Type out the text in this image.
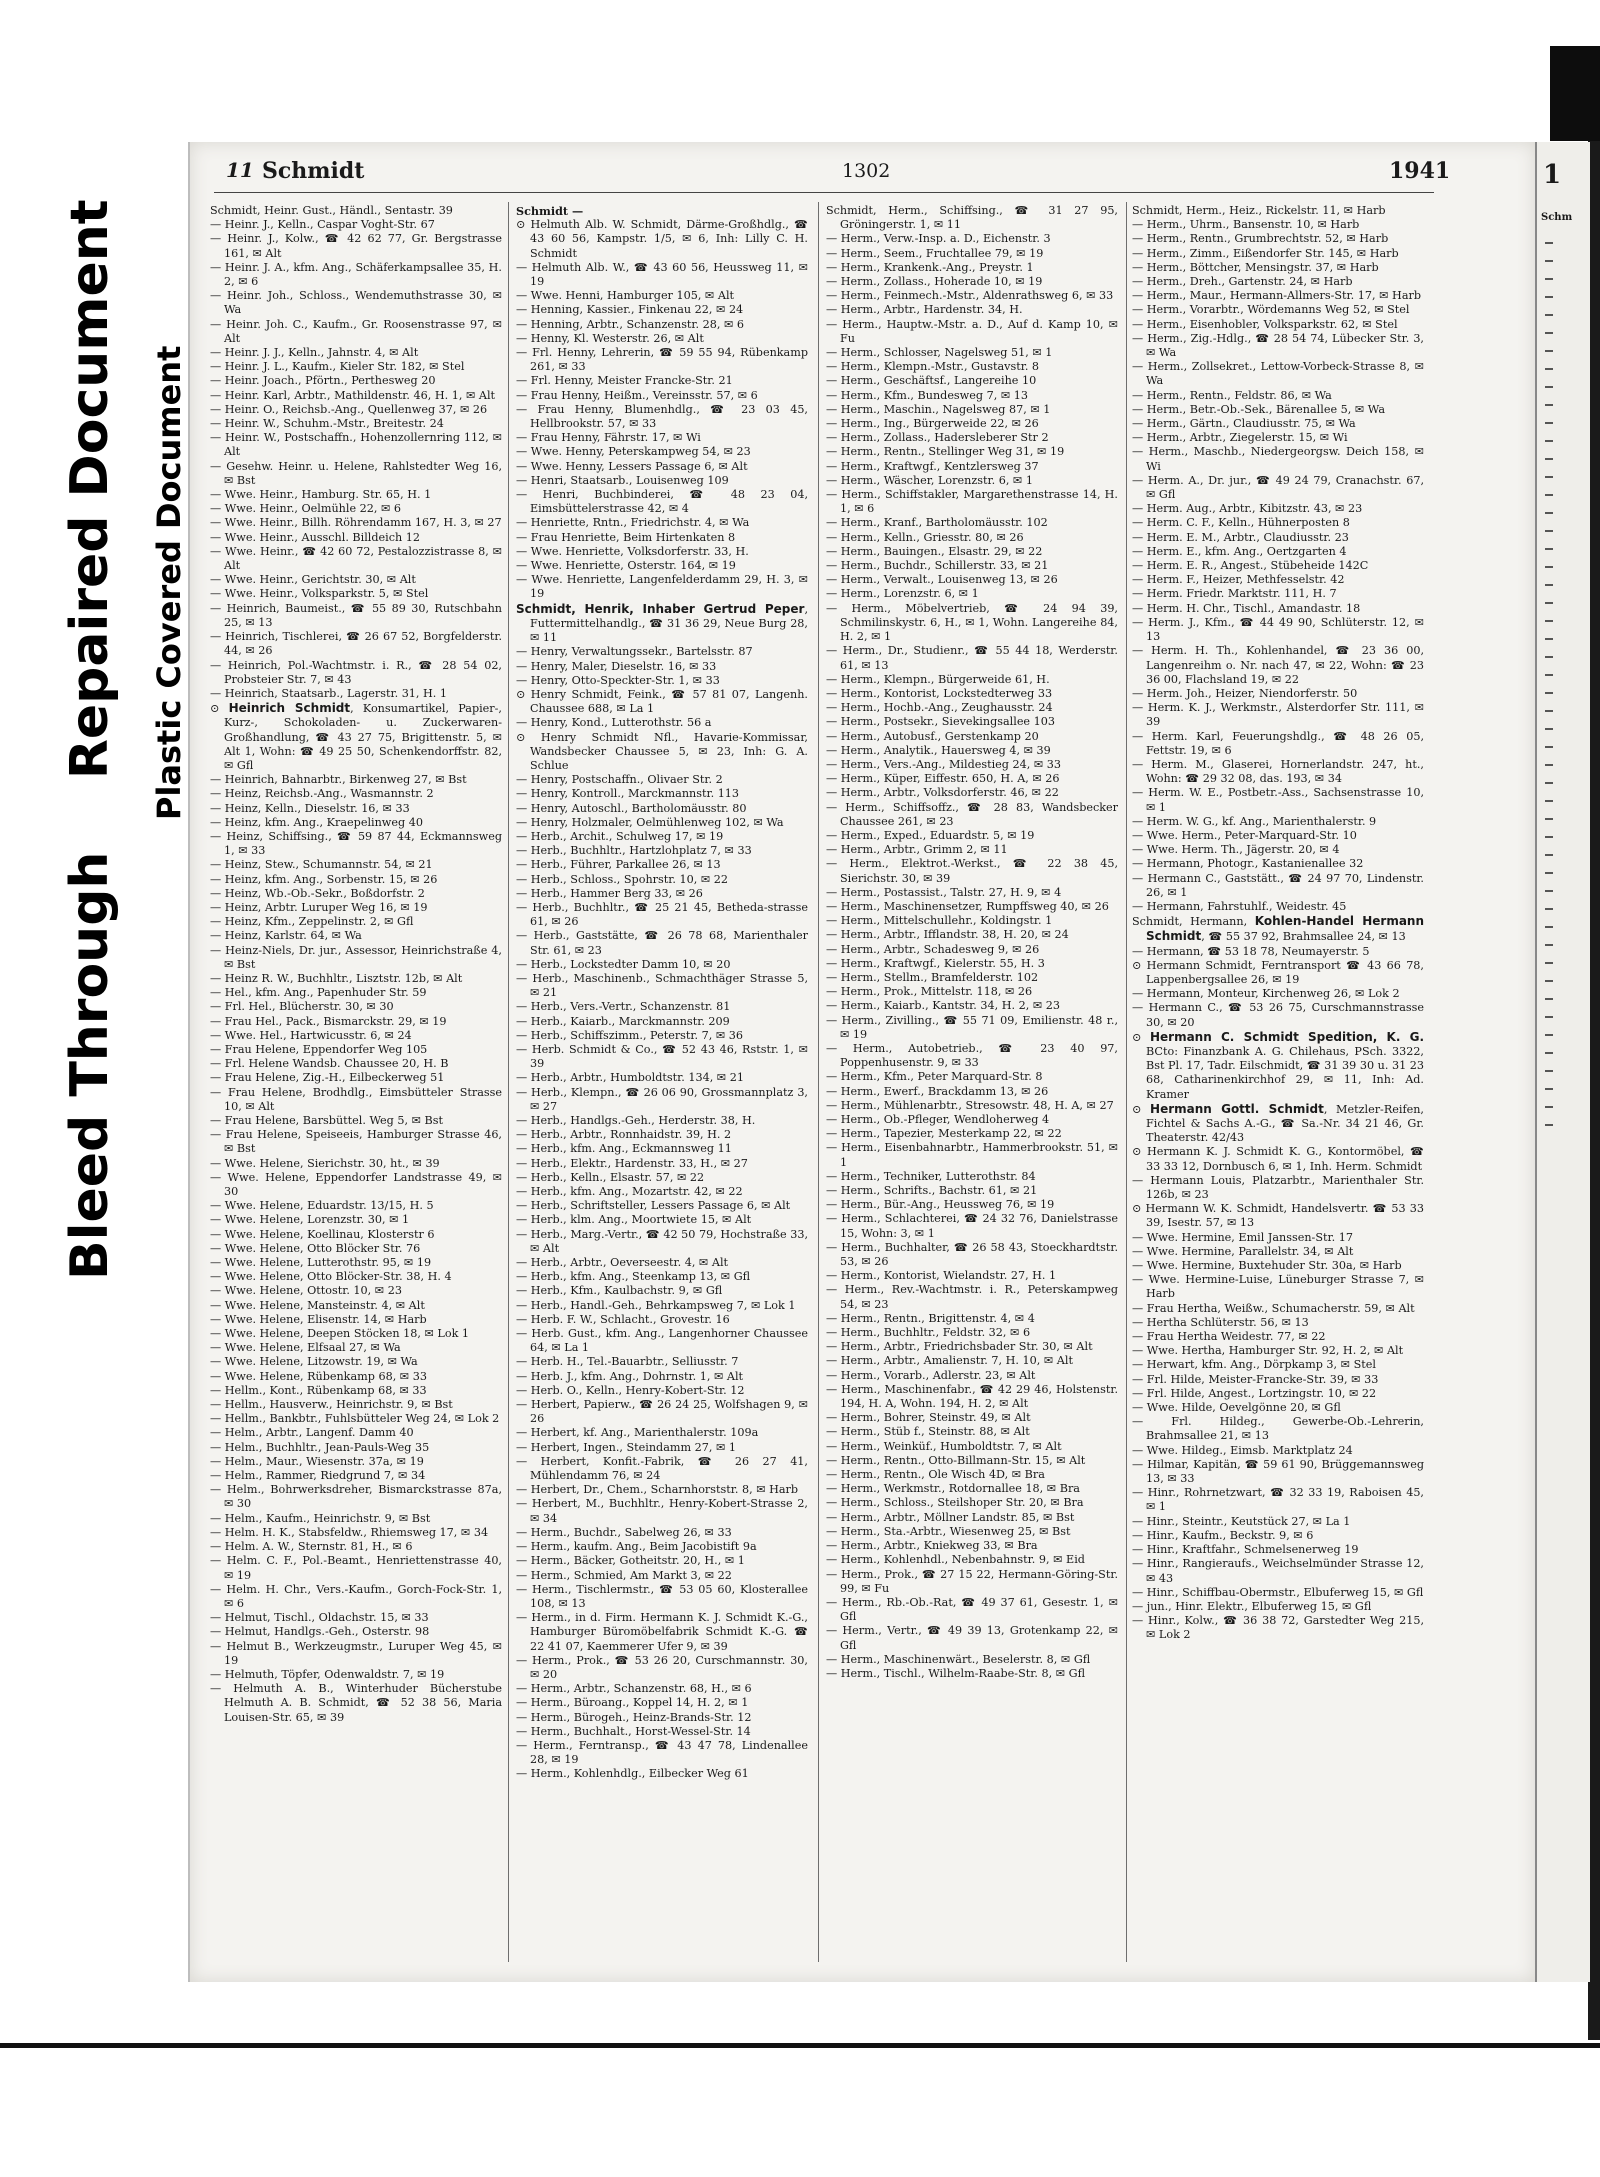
Bleed Through    Repaired Document Plastic Covered Document
11 Schmidt	1302	1941

Schmidt, Heinr. Gust., Händl., Sentastr. 39

— Heinr. J., Kelln., Caspar Voght-Str. 67

— Heinr. J., Kolw., ☎ 42 62 77, Gr. Bergstrasse 161, ✉ Alt

— Heinr. J. A., kfm. Ang., Schäferkampsallee 35, H. 2, ✉ 6

— Heinr. Joh., Schloss., Wendemuthstrasse 30, ✉ Wa

— Heinr. Joh. C., Kaufm., Gr. Roosenstrasse 97, ✉ Alt

— Heinr. J. J., Kelln., Jahnstr. 4, ✉ Alt

— Heinr. J. L., Kaufm., Kieler Str. 182, ✉ Stel

— Heinr. Joach., Pförtn., Perthesweg 20

— Heinr. Karl, Arbtr., Mathildenstr. 46, H. 1, ✉ Alt

— Heinr. O., Reichsb.-Ang., Quellenweg 37, ✉ 26

— Heinr. W., Schuhm.-Mstr., Breitestr. 24

— Heinr. W., Postschaffn., Hohenzollernring 112, ✉ Alt

— Gesehw. Heinr. u. Helene, Rahlstedter Weg 16, ✉ Bst

— Wwe. Heinr., Hamburg. Str. 65, H. 1

— Wwe. Heinr., Oelmühle 22, ✉ 6

— Wwe. Heinr., Billh. Röhrendamm 167, H. 3, ✉ 27

— Wwe. Heinr., Ausschl. Billdeich 12

— Wwe. Heinr., ☎ 42 60 72, Pestalozzistrasse 8, ✉ Alt

— Wwe. Heinr., Gerichtstr. 30, ✉ Alt

— Wwe. Heinr., Volksparkstr. 5, ✉ Stel

— Heinrich, Baumeist., ☎ 55 89 30, Rutschbahn 25, ✉ 13

— Heinrich, Tischlerei, ☎ 26 67 52, Borgfelderstr. 44, ✉ 26

— Heinrich, Pol.-Wachtmstr. i. R., ☎ 28 54 02, Probsteier Str. 7, ✉ 43

— Heinrich, Staatsarb., Lagerstr. 31, H. 1

⊙ Heinrich Schmidt, Konsumartikel, Papier-, Kurz-, Schokoladen- u. Zuckerwaren-Großhandlung, ☎ 43 27 75, Brigittenstr. 5, ✉ Alt 1, Wohn: ☎ 49 25 50, Schenkendorffstr. 82, ✉ Gfl

— Heinrich, Bahnarbtr., Birkenweg 27, ✉ Bst

— Heinz, Reichsb.-Ang., Wasmannstr. 2

— Heinz, Kelln., Dieselstr. 16, ✉ 33

— Heinz, kfm. Ang., Kraepelinweg 40

— Heinz, Schiffsing., ☎ 59 87 44, Eckmannsweg 1, ✉ 33

— Heinz, Stew., Schumannstr. 54, ✉ 21

— Heinz, kfm. Ang., Sorbenstr. 15, ✉ 26

— Heinz, Wb.-Ob.-Sekr., Boßdorfstr. 2

— Heinz, Arbtr. Luruper Weg 16, ✉ 19

— Heinz, Kfm., Zeppelinstr. 2, ✉ Gfl

— Heinz, Karlstr. 64, ✉ Wa

— Heinz-Niels, Dr. jur., Assessor, Heinrichstraße 4, ✉ Bst

— Heinz R. W., Buchhltr., Lisztstr. 12b, ✉ Alt

— Hel., kfm. Ang., Papenhuder Str. 59

— Frl. Hel., Blücherstr. 30, ✉ 30

— Frau Hel., Pack., Bismarckstr. 29, ✉ 19

— Wwe. Hel., Hartwicusstr. 6, ✉ 24

— Frau Helene, Eppendorfer Weg 105

— Frl. Helene Wandsb. Chaussee 20, H. B

— Frau Helene, Zig.-H., Eilbeckerweg 51

— Frau Helene, Brodhdlg., Eimsbütteler Strasse 10, ✉ Alt

— Frau Helene, Barsbüttel. Weg 5, ✉ Bst

— Frau Helene, Speiseeis, Hamburger Strasse 46, ✉ Bst

— Wwe. Helene, Sierichstr. 30, ht., ✉ 39

— Wwe. Helene, Eppendorfer Landstrasse 49, ✉ 30

— Wwe. Helene, Eduardstr. 13/15, H. 5

— Wwe. Helene, Lorenzstr. 30, ✉ 1

— Wwe. Helene, Koellinau, Klosterstr 6

— Wwe. Helene, Otto Blöcker Str. 76

— Wwe. Helene, Lutterothstr. 95, ✉ 19

— Wwe. Helene, Otto Blöcker-Str. 38, H. 4

— Wwe. Helene, Ottostr. 10, ✉ 23

— Wwe. Helene, Mansteinstr. 4, ✉ Alt

— Wwe. Helene, Elisenstr. 14, ✉ Harb

— Wwe. Helene, Deepen Stöcken 18, ✉ Lok 1

— Wwe. Helene, Elfsaal 27, ✉ Wa

— Wwe. Helene, Litzowstr. 19, ✉ Wa

— Wwe. Helene, Rübenkamp 68, ✉ 33

— Hellm., Kont., Rübenkamp 68, ✉ 33

— Hellm., Hausverw., Heinrichstr. 9, ✉ Bst

— Hellm., Bankbtr., Fuhlsbütteler Weg 24, ✉ Lok 2

— Helm., Arbtr., Langenf. Damm 40

— Helm., Buchhltr., Jean-Pauls-Weg 35

— Helm., Maur., Wiesenstr. 37a, ✉ 19

— Helm., Rammer, Riedgrund 7, ✉ 34

— Helm., Bohrwerksdreher, Bismarckstrasse 87a, ✉ 30

— Helm., Kaufm., Heinrichstr. 9, ✉ Bst

— Helm. H. K., Stabsfeldw., Rhiemsweg 17, ✉ 34

— Helm. A. W., Sternstr. 81, H., ✉ 6

— Helm. C. F., Pol.-Beamt., Henriettenstrasse 40, ✉ 19

— Helm. H. Chr., Vers.-Kaufm., Gorch-Fock-Str. 1, ✉ 6

— Helmut, Tischl., Oldachstr. 15, ✉ 33

— Helmut, Handlgs.-Geh., Osterstr. 98

— Helmut B., Werkzeugmstr., Luruper Weg 45, ✉ 19

— Helmuth, Töpfer, Odenwaldstr. 7, ✉ 19

— Helmuth A. B., Winterhuder Bücherstube Helmuth A. B. Schmidt, ☎ 52 38 56, Maria Louisen-Str. 65, ✉ 39

Schmidt —

⊙ Helmuth Alb. W. Schmidt, Därme-Großhdlg., ☎ 43 60 56, Kampstr. 1/5, ✉ 6, Inh: Lilly C. H. Schmidt

— Helmuth Alb. W., ☎ 43 60 56, Heussweg 11, ✉ 19

— Wwe. Henni, Hamburger 105, ✉ Alt

— Henning, Kassier., Finkenau 22, ✉ 24

— Henning, Arbtr., Schanzenstr. 28, ✉ 6

— Henny, Kl. Westerstr. 26, ✉ Alt

— Frl. Henny, Lehrerin, ☎ 59 55 94, Rübenkamp 261, ✉ 33

— Frl. Henny, Meister Francke-Str. 21

— Frau Henny, Heißm., Vereinsstr. 57, ✉ 6

— Frau Henny, Blumenhdlg., ☎ 23 03 45, Hellbrookstr. 57, ✉ 33

— Frau Henny, Fährstr. 17, ✉ Wi

— Wwe. Henny, Peterskampweg 54, ✉ 23

— Wwe. Henny, Lessers Passage 6, ✉ Alt

— Henri, Staatsarb., Louisenweg 109

— Henri, Buchbinderei, ☎ 48 23 04, Eimsbüttelerstrasse 42, ✉ 4

— Henriette, Rntn., Friedrichstr. 4, ✉ Wa

— Frau Henriette, Beim Hirtenkaten 8

— Wwe. Henriette, Volksdorferstr. 33, H.

— Wwe. Henriette, Osterstr. 164, ✉ 19

— Wwe. Henriette, Langenfelderdamm 29, H. 3, ✉ 19

Schmidt, Henrik, Inhaber Gertrud Peper, Futtermittelhandlg., ☎ 31 36 29, Neue Burg 28, ✉ 11

— Henry, Verwaltungssekr., Bartelsstr. 87

— Henry, Maler, Dieselstr. 16, ✉ 33

— Henry, Otto-Speckter-Str. 1, ✉ 33

⊙ Henry Schmidt, Feink., ☎ 57 81 07, Langenh. Chaussee 688, ✉ La 1

— Henry, Kond., Lutterothstr. 56 a

⊙ Henry Schmidt Nfl., Havarie-Kommissar, Wandsbecker Chaussee 5, ✉ 23, Inh: G. A. Schlue

— Henry, Postschaffn., Olivaer Str. 2

— Henry, Kontroll., Marckmannstr. 113

— Henry, Autoschl., Bartholomäusstr. 80

— Henry, Holzmaler, Oelmühlenweg 102, ✉ Wa

— Herb., Archit., Schulweg 17, ✉ 19

— Herb., Buchhltr., Hartzlohplatz 7, ✉ 33

— Herb., Führer, Parkallee 26, ✉ 13

— Herb., Schloss., Spohrstr. 10, ✉ 22

— Herb., Hammer Berg 33, ✉ 26

— Herb., Buchhltr., ☎ 25 21 45, Betheda-strasse 61, ✉ 26

— Herb., Gaststätte, ☎ 26 78 68, Marienthaler Str. 61, ✉ 23

— Herb., Lockstedter Damm 10, ✉ 20

— Herb., Maschinenb., Schmachthäger Strasse 5, ✉ 21

— Herb., Vers.-Vertr., Schanzenstr. 81

— Herb., Kaiarb., Marckmannstr. 209

— Herb., Schiffszimm., Peterstr. 7, ✉ 36

— Herb. Schmidt & Co., ☎ 52 43 46, Rststr. 1, ✉ 39

— Herb., Arbtr., Humboldtstr. 134, ✉ 21

— Herb., Klempn., ☎ 26 06 90, Grossmannplatz 3, ✉ 27

— Herb., Handlgs.-Geh., Herderstr. 38, H.

— Herb., Arbtr., Ronnhaidstr. 39, H. 2

— Herb., kfm. Ang., Eckmannsweg 11

— Herb., Elektr., Hardenstr. 33, H., ✉ 27

— Herb., Kelln., Elsastr. 57, ✉ 22

— Herb., kfm. Ang., Mozartstr. 42, ✉ 22

— Herb., Schriftsteller, Lessers Passage 6, ✉ Alt

— Herb., klm. Ang., Moortwiete 15, ✉ Alt

— Herb., Marg.-Vertr., ☎ 42 50 79, Hochstraße 33, ✉ Alt

— Herb., Arbtr., Oeverseestr. 4, ✉ Alt

— Herb., kfm. Ang., Steenkamp 13, ✉ Gfl

— Herb., Kfm., Kaulbachstr. 9, ✉ Gfl

— Herb., Handl.-Geh., Behrkampsweg 7, ✉ Lok 1

— Herb. F. W., Schlacht., Grovestr. 16

— Herb. Gust., kfm. Ang., Langenhorner Chaussee 64, ✉ La 1

— Herb. H., Tel.-Bauarbtr., Selliusstr. 7

— Herb. J., kfm. Ang., Dohrnstr. 1, ✉ Alt

— Herb. O., Kelln., Henry-Kobert-Str. 12

— Herbert, Papierw., ☎ 26 24 25, Wolfshagen 9, ✉ 26

— Herbert, kf. Ang., Marienthalerstr. 109a

— Herbert, Ingen., Steindamm 27, ✉ 1

— Herbert, Konfit.-Fabrik, ☎ 26 27 41, Mühlendamm 76, ✉ 24

— Herbert, Dr., Chem., Scharnhorststr. 8, ✉ Harb

— Herbert, M., Buchhltr., Henry-Kobert-Strasse 2, ✉ 34

— Herm., Buchdr., Sabelweg 26, ✉ 33

— Herm., kaufm. Ang., Beim Jacobistift 9a

— Herm., Bäcker, Gotheitstr. 20, H., ✉ 1

— Herm., Schmied, Am Markt 3, ✉ 22

— Herm., Tischlermstr., ☎ 53 05 60, Klosterallee 108, ✉ 13

— Herm., in d. Firm. Hermann K. J. Schmidt K.-G., Hamburger Büromöbelfabrik Schmidt K.-G. ☎ 22 41 07, Kaemmerer Ufer 9, ✉ 39

— Herm., Prok., ☎ 53 26 20, Curschmannstr. 30, ✉ 20

— Herm., Arbtr., Schanzenstr. 68, H., ✉ 6

— Herm., Büroang., Koppel 14, H. 2, ✉ 1

— Herm., Bürogeh., Heinz-Brands-Str. 12

— Herm., Buchhalt., Horst-Wessel-Str. 14

— Herm., Ferntransp., ☎ 43 47 78, Lindenallee 28, ✉ 19

— Herm., Kohlenhdlg., Eilbecker Weg 61

Schmidt, Herm., Schiffsing., ☎ 31 27 95, Gröningerstr. 1, ✉ 11

— Herm., Verw.-Insp. a. D., Eichenstr. 3

— Herm., Seem., Fruchtallee 79, ✉ 19

— Herm., Krankenk.-Ang., Preystr. 1

— Herm., Zollass., Hoherade 10, ✉ 19

— Herm., Feinmech.-Mstr., Aldenrathsweg 6, ✉ 33

— Herm., Arbtr., Hardenstr. 34, H.

— Herm., Hauptw.-Mstr. a. D., Auf d. Kamp 10, ✉ Fu

— Herm., Schlosser, Nagelsweg 51, ✉ 1

— Herm., Klempn.-Mstr., Gustavstr. 8

— Herm., Geschäftsf., Langereihe 10

— Herm., Kfm., Bundesweg 7, ✉ 13

— Herm., Maschin., Nagelsweg 87, ✉ 1

— Herm., Ing., Bürgerweide 22, ✉ 26

— Herm., Zollass., Hadersleberer Str 2

— Herm., Rentn., Stellinger Weg 31, ✉ 19

— Herm., Kraftwgf., Kentzlersweg 37

— Herm., Wäscher, Lorenzstr. 6, ✉ 1

— Herm., Schiffstakler, Margarethenstrasse 14, H. 1, ✉ 6

— Herm., Kranf., Bartholomäusstr. 102

— Herm., Kelln., Griesstr. 80, ✉ 26

— Herm., Bauingen., Elsastr. 29, ✉ 22

— Herm., Buchdr., Schillerstr. 33, ✉ 21

— Herm., Verwalt., Louisenweg 13, ✉ 26

— Herm., Lorenzstr. 6, ✉ 1

— Herm., Möbelvertrieb, ☎ 24 94 39, Schmilinskystr. 6, H., ✉ 1, Wohn. Langereihe 84, H. 2, ✉ 1

— Herm., Dr., Studienr., ☎ 55 44 18, Werderstr. 61, ✉ 13

— Herm., Klempn., Bürgerweide 61, H.

— Herm., Kontorist, Lockstedterweg 33

— Herm., Hochb.-Ang., Zeughausstr. 24

— Herm., Postsekr., Sievekingsallee 103

— Herm., Autobusf., Gerstenkamp 20

— Herm., Analytik., Hauersweg 4, ✉ 39

— Herm., Vers.-Ang., Mildestieg 24, ✉ 33

— Herm., Küper, Eiffestr. 650, H. A, ✉ 26

— Herm., Arbtr., Volksdorferstr. 46, ✉ 22

— Herm., Schiffsoffz., ☎ 28 83, Wandsbecker Chaussee 261, ✉ 23

— Herm., Exped., Eduardstr. 5, ✉ 19

— Herm., Arbtr., Grimm 2, ✉ 11

— Herm., Elektrot.-Werkst., ☎ 22 38 45, Sierichstr. 30, ✉ 39

— Herm., Postassist., Talstr. 27, H. 9, ✉ 4

— Herm., Maschinensetzer, Rumpffsweg 40, ✉ 26

— Herm., Mittelschullehr., Koldingstr. 1

— Herm., Arbtr., Ifflandstr. 38, H. 20, ✉ 24

— Herm., Arbtr., Schadesweg 9, ✉ 26

— Herm., Kraftwgf., Kielerstr. 55, H. 3

— Herm., Stellm., Bramfelderstr. 102

— Herm., Prok., Mittelstr. 118, ✉ 26

— Herm., Kaiarb., Kantstr. 34, H. 2, ✉ 23

— Herm., Zivilling., ☎ 55 71 09, Emilienstr. 48 r., ✉ 19

— Herm., Autobetrieb., ☎ 23 40 97, Poppenhusenstr. 9, ✉ 33

— Herm., Kfm., Peter Marquard-Str. 8

— Herm., Ewerf., Brackdamm 13, ✉ 26

— Herm., Mühlenarbtr., Stresowstr. 48, H. A, ✉ 27

— Herm., Ob.-Pfleger, Wendloherweg 4

— Herm., Tapezier, Mesterkamp 22, ✉ 22

— Herm., Eisenbahnarbtr., Hammerbrookstr. 51, ✉ 1

— Herm., Techniker, Lutterothstr. 84

— Herm., Schrifts., Bachstr. 61, ✉ 21

— Herm., Bür.-Ang., Heussweg 76, ✉ 19

— Herm., Schlachterei, ☎ 24 32 76, Danielstrasse 15, Wohn: 3, ✉ 1

— Herm., Buchhalter, ☎ 26 58 43, Stoeckhardtstr. 53, ✉ 26

— Herm., Kontorist, Wielandstr. 27, H. 1

— Herm., Rev.-Wachtmstr. i. R., Peterskampweg 54, ✉ 23

— Herm., Rentn., Brigittenstr. 4, ✉ 4

— Herm., Buchhltr., Feldstr. 32, ✉ 6

— Herm., Arbtr., Friedrichsbader Str. 30, ✉ Alt

— Herm., Arbtr., Amalienstr. 7, H. 10, ✉ Alt

— Herm., Vorarb., Adlerstr. 23, ✉ Alt

— Herm., Maschinenfabr., ☎ 42 29 46, Holstenstr. 194, H. A, Wohn. 194, H. 2, ✉ Alt

— Herm., Bohrer, Steinstr. 49, ✉ Alt

— Herm., Stüb f., Steinstr. 88, ✉ Alt

— Herm., Weinküf., Humboldtstr. 7, ✉ Alt

— Herm., Rentn., Otto-Billmann-Str. 15, ✉ Alt

— Herm., Rentn., Ole Wisch 4D, ✉ Bra

— Herm., Werkmstr., Rotdornallee 18, ✉ Bra

— Herm., Schloss., Steilshoper Str. 20, ✉ Bra

— Herm., Arbtr., Möllner Landstr. 85, ✉ Bst

— Herm., Sta.-Arbtr., Wiesenweg 25, ✉ Bst

— Herm., Arbtr., Kniekweg 33, ✉ Bra

— Herm., Kohlenhdl., Nebenbahnstr. 9, ✉ Eid

— Herm., Prok., ☎ 27 15 22, Hermann-Göring-Str. 99, ✉ Fu

— Herm., Rb.-Ob.-Rat, ☎ 49 37 61, Gesestr. 1, ✉ Gfl

— Herm., Vertr., ☎ 49 39 13, Grotenkamp 22, ✉ Gfl

— Herm., Maschinenwärt., Beselerstr. 8, ✉ Gfl

— Herm., Tischl., Wilhelm-Raabe-Str. 8, ✉ Gfl

Schmidt, Herm., Heiz., Rickelstr. 11, ✉ Harb

— Herm., Uhrm., Bansenstr. 10, ✉ Harb

— Herm., Rentn., Grumbrechtstr. 52, ✉ Harb

— Herm., Zimm., Eißendorfer Str. 145, ✉ Harb

— Herm., Böttcher, Mensingstr. 37, ✉ Harb

— Herm., Dreh., Gartenstr. 24, ✉ Harb

— Herm., Maur., Hermann-Allmers-Str. 17, ✉ Harb

— Herm., Vorarbtr., Wördemanns Weg 52, ✉ Stel

— Herm., Eisenhobler, Volksparkstr. 62, ✉ Stel

— Herm., Zig.-Hdlg., ☎ 28 54 74, Lübecker Str. 3, ✉ Wa

— Herm., Zollsekret., Lettow-Vorbeck-Strasse 8, ✉ Wa

— Herm., Rentn., Feldstr. 86, ✉ Wa

— Herm., Betr.-Ob.-Sek., Bärenallee 5, ✉ Wa

— Herm., Gärtn., Claudiusstr. 75, ✉ Wa

— Herm., Arbtr., Ziegelerstr. 15, ✉ Wi

— Herm., Maschb., Niedergeorgsw. Deich 158, ✉ Wi

— Herm. A., Dr. jur., ☎ 49 24 79, Cranachstr. 67, ✉ Gfl

— Herm. Aug., Arbtr., Kibitzstr. 43, ✉ 23

— Herm. C. F., Kelln., Hühnerposten 8

— Herm. E. M., Arbtr., Claudiusstr. 23

— Herm. E., kfm. Ang., Oertzgarten 4

— Herm. E. R., Angest., Stübeheide 142C

— Herm. F., Heizer, Methfesselstr. 42

— Herm. Friedr. Marktstr. 111, H. 7

— Herm. H. Chr., Tischl., Amandastr. 18

— Herm. J., Kfm., ☎ 44 49 90, Schlüterstr. 12, ✉ 13

— Herm. H. Th., Kohlenhandel, ☎ 23 36 00, Langenreihm o. Nr. nach 47, ✉ 22, Wohn: ☎ 23 36 00, Flachsland 19, ✉ 22

— Herm. Joh., Heizer, Niendorferstr. 50

— Herm. K. J., Werkmstr., Alsterdorfer Str. 111, ✉ 39

— Herm. Karl, Feuerungshdlg., ☎ 48 26 05, Fettstr. 19, ✉ 6

— Herm. M., Glaserei, Hornerlandstr. 247, ht., Wohn: ☎ 29 32 08, das. 193, ✉ 34

— Herm. W. E., Postbetr.-Ass., Sachsenstrasse 10, ✉ 1

— Herm. W. G., kf. Ang., Marienthalerstr. 9

— Wwe. Herm., Peter-Marquard-Str. 10

— Wwe. Herm. Th., Jägerstr. 20, ✉ 4

— Hermann, Photogr., Kastanienallee 32

— Hermann C., Gaststätt., ☎ 24 97 70, Lindenstr. 26, ✉ 1

— Hermann, Fahrstuhlf., Weidestr. 45

Schmidt, Hermann, Kohlen-Handel Hermann Schmidt, ☎ 55 37 92, Brahmsallee 24, ✉ 13

— Hermann, ☎ 53 18 78, Neumayerstr. 5

⊙ Hermann Schmidt, Ferntransport ☎ 43 66 78, Lappenbergsallee 26, ✉ 19

— Hermann, Monteur, Kirchenweg 26, ✉ Lok 2

— Hermann C., ☎ 53 26 75, Curschmannstrasse 30, ✉ 20

⊙ Hermann C. Schmidt Spedition, K. G. BCto: Finanzbank A. G. Chilehaus, PSch. 3322, Bst Pl. 17, Tadr. Eilschmidt, ☎ 31 39 30 u. 31 23 68, Catharinenkirchhof 29, ✉ 11, Inh: Ad. Kramer

⊙ Hermann Gottl. Schmidt, Metzler-Reifen, Fichtel & Sachs A.-G., ☎ Sa.-Nr. 34 21 46, Gr. Theaterstr. 42/43

⊙ Hermann K. J. Schmidt K. G., Kontormöbel, ☎ 33 33 12, Dornbusch 6, ✉ 1, Inh. Herm. Schmidt

— Hermann Louis, Platzarbtr., Marienthaler Str. 126b, ✉ 23

⊙ Hermann W. K. Schmidt, Handelsvertr. ☎ 53 33 39, Isestr. 57, ✉ 13

— Wwe. Hermine, Emil Janssen-Str. 17

— Wwe. Hermine, Parallelstr. 34, ✉ Alt

— Wwe. Hermine, Buxtehuder Str. 30a, ✉ Harb

— Wwe. Hermine-Luise, Lüneburger Strasse 7, ✉ Harb

— Frau Hertha, Weißw., Schumacherstr. 59, ✉ Alt

— Hertha Schlüterstr. 56, ✉ 13

— Frau Hertha Weidestr. 77, ✉ 22

— Wwe. Hertha, Hamburger Str. 92, H. 2, ✉ Alt

— Herwart, kfm. Ang., Dörpkamp 3, ✉ Stel

— Frl. Hilde, Meister-Francke-Str. 39, ✉ 33

— Frl. Hilde, Angest., Lortzingstr. 10, ✉ 22

— Wwe. Hilde, Oevelgönne 20, ✉ Gfl

— Frl. Hildeg., Gewerbe-Ob.-Lehrerin, Brahmsallee 21, ✉ 13

— Wwe. Hildeg., Eimsb. Marktplatz 24

— Hilmar, Kapitän, ☎ 59 61 90, Brüggemannsweg 13, ✉ 33

— Hinr., Rohrnetzwart, ☎ 32 33 19, Raboisen 45, ✉ 1

— Hinr., Steintr., Keutstück 27, ✉ La 1

— Hinr., Kaufm., Beckstr. 9, ✉ 6

— Hinr., Kraftfahr., Schmelsenerweg 19

— Hinr., Rangieraufs., Weichselmünder Strasse 12, ✉ 43

— Hinr., Schiffbau-Obermstr., Elbuferweg 15, ✉ Gfl

— jun., Hinr. Elektr., Elbuferweg 15, ✉ Gfl

— Hinr., Kolw., ☎ 36 38 72, Garstedter Weg 215, ✉ Lok 2

1
Schm
